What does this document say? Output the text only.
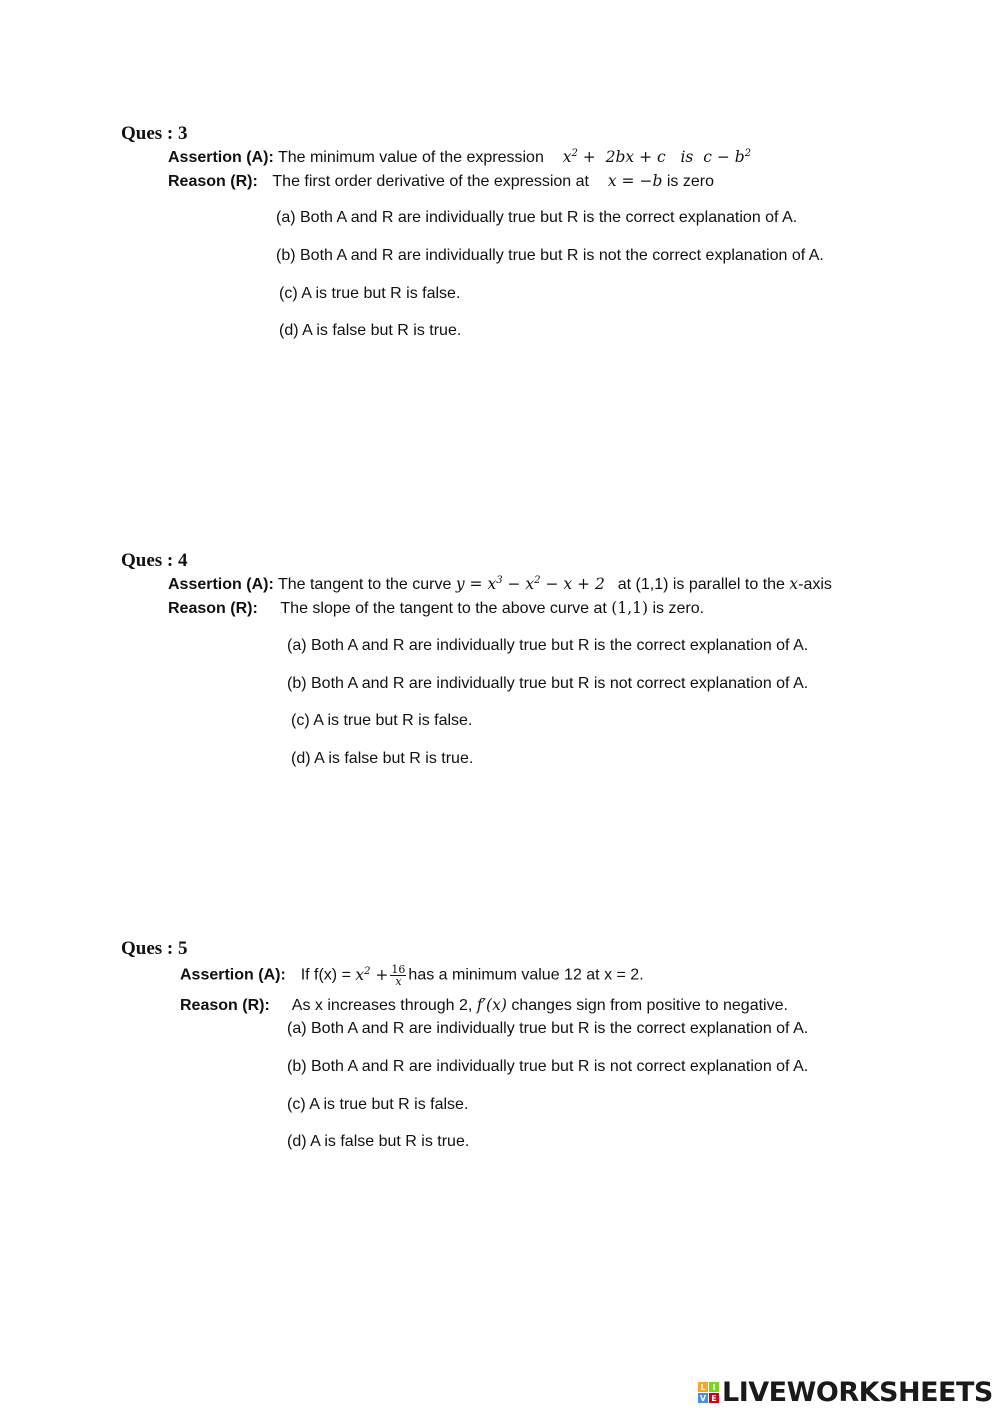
Ques : 3
Assertion (A): The minimum value of the expression $x^2 + 2bx + c$   is  $c - b^2$
Reason (R): The first order derivative of the expression at x = −b is zero
(a) Both A and R are individually true but R is the correct explanation of A.
(b) Both A and R are individually true but R is not the correct explanation of A.
(c) A is true but R is false.
(d) A is false but R is true.
Ques : 4
Assertion (A): The tangent to the curve $y = x^3 - x^2 - x + 2$ at (1,1) is parallel to the x-axis
Reason (R): The slope of the tangent to the above curve at (1,1) is zero.
(a) Both A and R are individually true but R is the correct explanation of A.
(b) Both A and R are individually true but R is not correct explanation of A.
(c) A is true but R is false.
(d) A is false but R is true.
Ques : 5
Assertion (A): If $f(x) = x^2 + \frac{16}{x}$ has a minimum value 12 at x = 2.
Reason (R): As x increases through 2, f′(x) changes sign from positive to negative.
(a) Both A and R are individually true but R is the correct explanation of A.
(b) Both A and R are individually true but R is not correct explanation of A.
(c) A is true but R is false.
(d) A is false but R is true.
L I
V E LIVEWORKSHEETS
